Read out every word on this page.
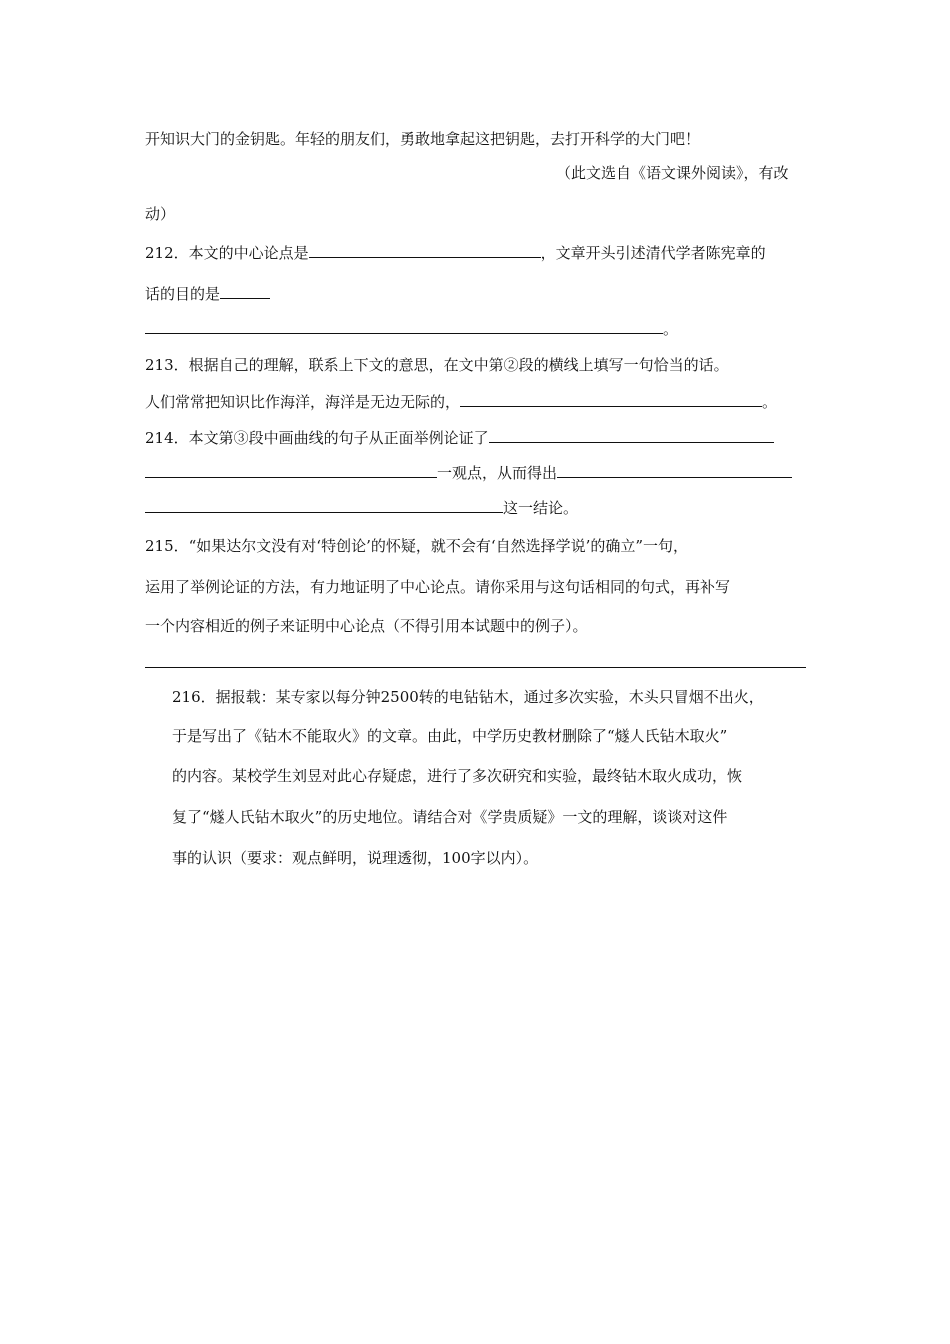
开知识大门的金钥匙。年轻的朋友们，勇敢地拿起这把钥匙，去打开科学的大门吧！
（此文选自《语文课外阅读》，有改
动）
212．本文的中心论点是	，文章开头引述清代学者陈宪章的
话的目的是
。
213．根据自己的理解，联系上下文的意思，在文中第②段的横线上填写一句恰当的话。
人们常常把知识比作海洋，海洋是无边无际的，	。
214．本文第③段中画曲线的句子从正面举例论证了
一观点，从而得出
这一结论。
215．“如果达尔文没有对‘特创论’的怀疑，就不会有‘自然选择学说’的确立”一句，
运用了举例论证的方法，有力地证明了中心论点。请你采用与这句话相同的句式，再补写
一个内容相近的例子来证明中心论点（不得引用本试题中的例子）。
216．据报载：某专家以每分钟2500转的电钻钻木，通过多次实验，木头只冒烟不出火，
于是写出了《钻木不能取火》的文章。由此，中学历史教材删除了“燧人氏钻木取火”
的内容。某校学生刘昱对此心存疑虑，进行了多次研究和实验，最终钻木取火成功，恢
复了“燧人氏钻木取火”的历史地位。请结合对《学贵质疑》一文的理解，谈谈对这件
事的认识（要求：观点鲜明，说理透彻，100字以内）。
